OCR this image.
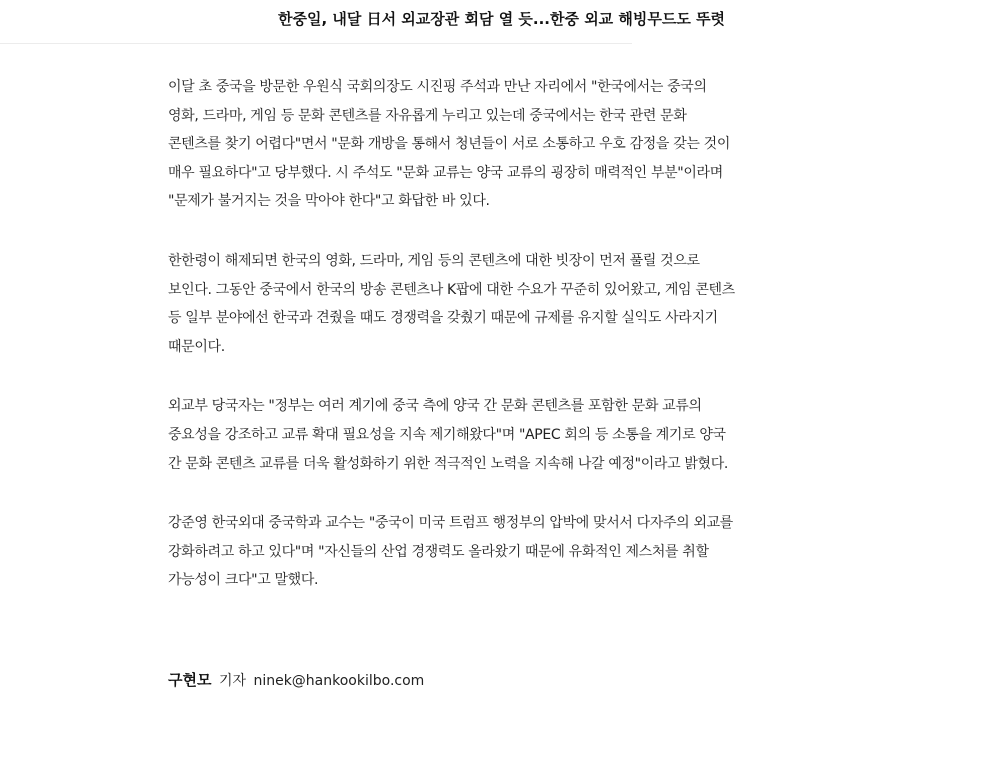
한중일, 내달 日서 외교장관 회담 열 듯...한중 외교 해빙무드도 뚜렷

이달 초 중국을 방문한 우원식 국회의장도 시진핑 주석과 만난 자리에서 "한국에서는 중국의 영화, 드라마, 게임 등 문화 콘텐츠를 자유롭게 누리고 있는데 중국에서는 한국 관련 문화 콘텐츠를 찾기 어렵다"면서 "문화 개방을 통해서 청년들이 서로 소통하고 우호 감정을 갖는 것이 매우 필요하다"고 당부했다. 시 주석도 "문화 교류는 양국 교류의 굉장히 매력적인 부분"이라며 "문제가 불거지는 것을 막아야 한다"고 화답한 바 있다.

한한령이 해제되면 한국의 영화, 드라마, 게임 등의 콘텐츠에 대한 빗장이 먼저 풀릴 것으로 보인다. 그동안 중국에서 한국의 방송 콘텐츠나 K팝에 대한 수요가 꾸준히 있어왔고, 게임 콘텐츠 등 일부 분야에선 한국과 견줬을 때도 경쟁력을 갖췄기 때문에 규제를 유지할 실익도 사라지기 때문이다.

외교부 당국자는 "정부는 여러 계기에 중국 측에 양국 간 문화 콘텐츠를 포함한 문화 교류의 중요성을 강조하고 교류 확대 필요성을 지속 제기해왔다"며 "APEC 회의 등 소통을 계기로 양국 간 문화 콘텐츠 교류를 더욱 활성화하기 위한 적극적인 노력을 지속해 나갈 예정"이라고 밝혔다.

강준영 한국외대 중국학과 교수는 "중국이 미국 트럼프 행정부의 압박에 맞서서 다자주의 외교를 강화하려고 하고 있다"며 "자신들의 산업 경쟁력도 올라왔기 때문에 유화적인 제스처를 취할 가능성이 크다"고 말했다.

구현모 기자 ninek@hankookilbo.com
